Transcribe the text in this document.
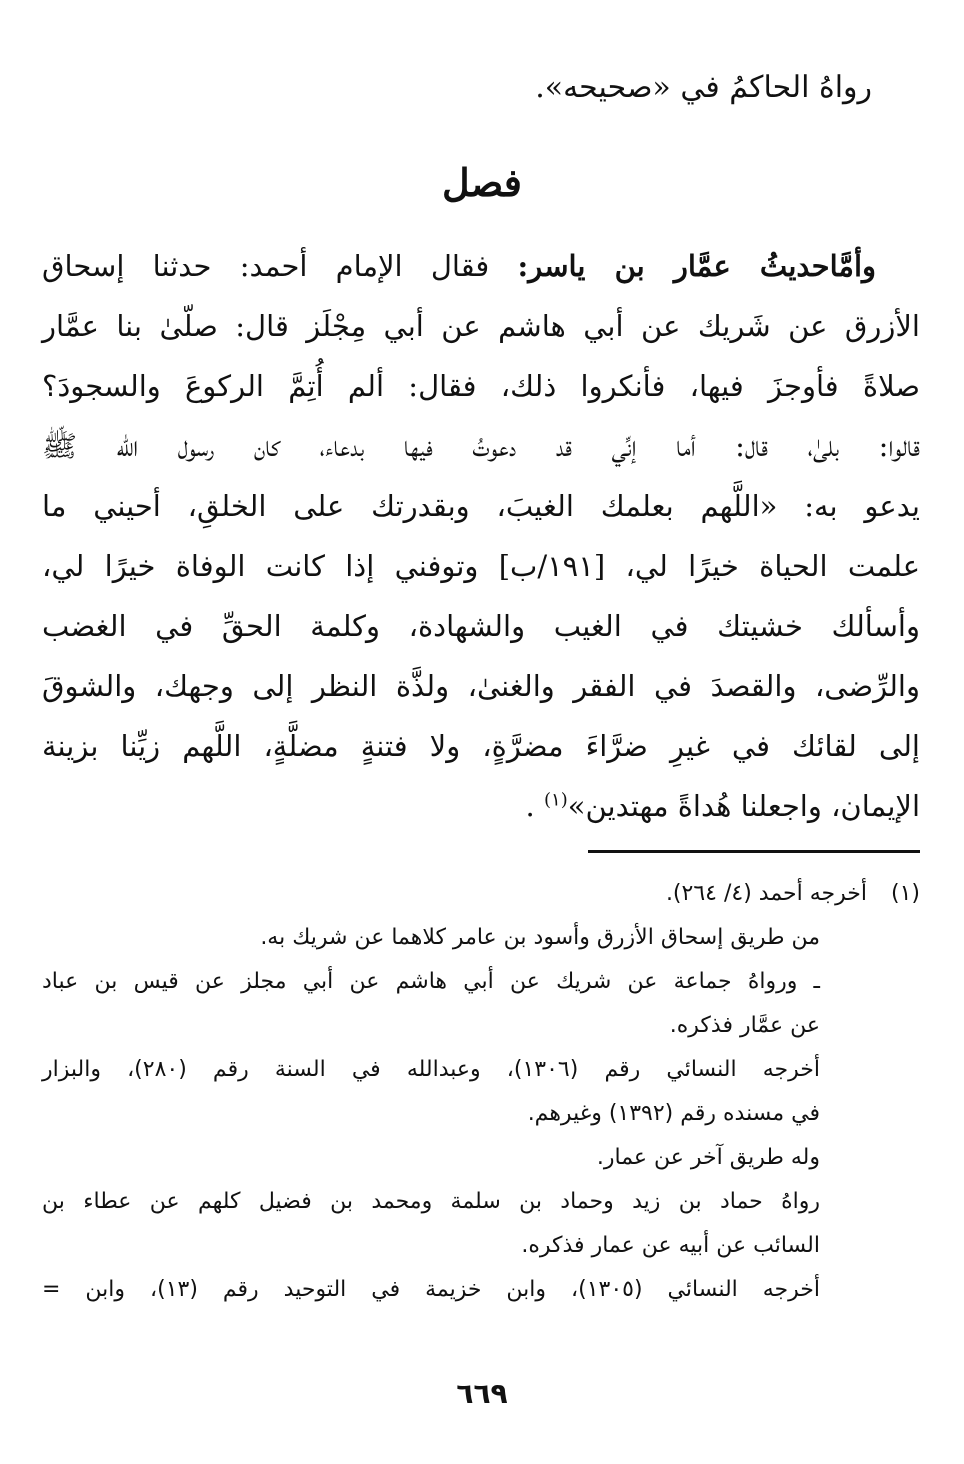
رواهُ الحاكمُ في «صحيحه».
فصل
وأمَّاحديثُ عمَّار بن ياسر: فقال الإمام أحمد: حدثنا إسحاق
الأزرق عن شَريك عن أبي هاشم عن أبي مِجْلَز قال: صلّىٰ بنا عمَّار
صلاةً فأوجزَ فيها، فأنكروا ذلك، فقال: ألم أُتِمَّ الركوعَ والسجودَ؟
قالوا: بلىٰ، قال: أما إنِّي قد دعوتُ فيها بدعاء، كان رسول الله ﷺ
يدعو به: «اللَّهم بعلمك الغيبَ، وبقدرتك على الخلقِ، أحيني ما
علمت الحياة خيرًا لي، [١٩١/ب] وتوفني إذا كانت الوفاة خيرًا لي،
وأسألك خشيتك في الغيب والشهادة، وكلمة الحقِّ في الغضب
والرِّضى، والقصدَ في الفقر والغنىٰ، ولذَّة النظر إلى وجهك، والشوقَ
إلى لقائك في غيرِ ضرَّاءَ مضرَّةٍ، ولا فتنةٍ مضلَّةٍ، اللَّهم زيِّنا بزينة
الإيمان، واجعلنا هُداةً مهتدين»$^{(١)}$ .
(١) أخرجه أحمد (٤/ ٢٦٤).
من طريق إسحاق الأزرق وأسود بن عامر كلاهما عن شريك به.
ـ ورواهُ جماعة عن شريك عن أبي هاشم عن أبي مجلز عن قيس بن عباد
عن عمَّار فذكره.
أخرجه النسائي رقم (١٣٠٦)، وعبدالله في السنة رقم (٢٨٠)، والبزار
في مسنده رقم (١٣٩٢) وغيرهم.
وله طريق آخر عن عمار.
رواهُ حماد بن زيد وحماد بن سلمة ومحمد بن فضيل كلهم عن عطاء بن
السائب عن أبيه عن عمار فذكره.
أخرجه النسائي (١٣٠٥)، وابن خزيمة في التوحيد رقم (١٣)، وابن =
٦٦٩
